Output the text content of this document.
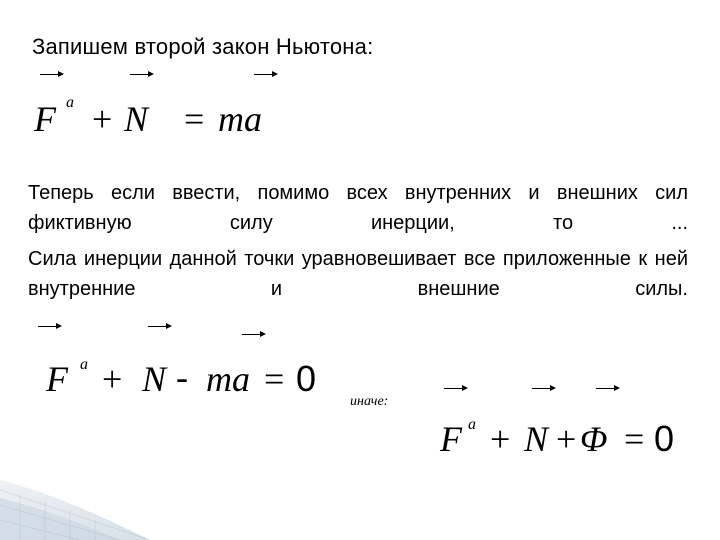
Запишем второй закон Ньютона:
F a + N = ma
Теперь если ввести, помимо всех внутренних и внешних сил фиктивную силу инерции, то ...
Сила инерции данной точки уравновешивает все приложенные к ней внутренние и внешние силы.
F a + N - ma = 0
иначе:
F a + N + Φ = 0
